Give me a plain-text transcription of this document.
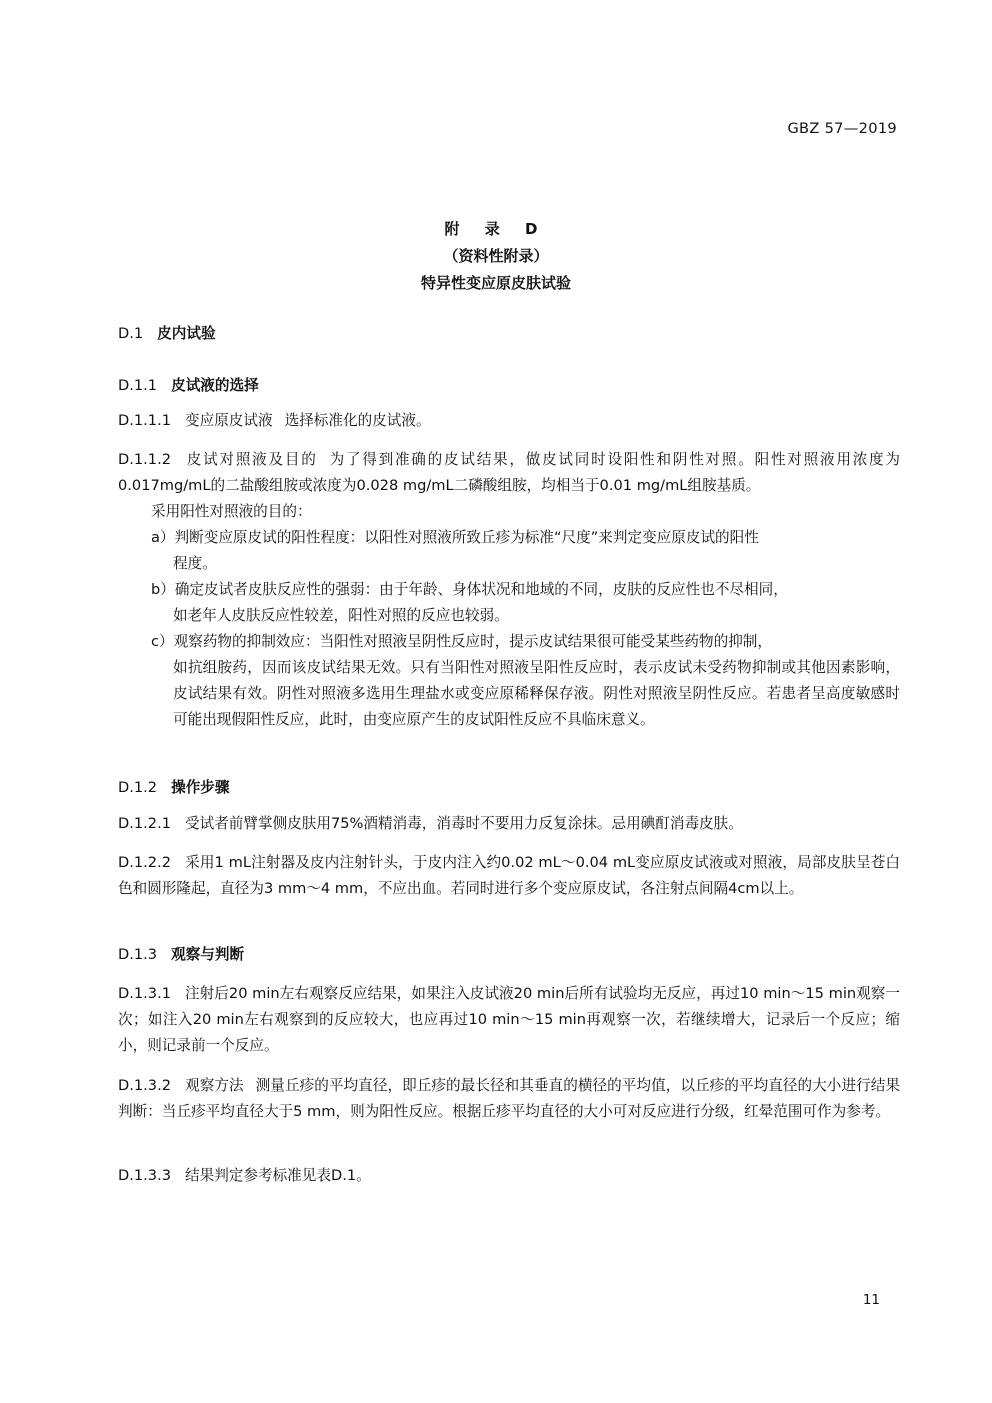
GBZ 57—2019
附 录 D
（资料性附录）
特异性变应原皮肤试验
D.1 皮内试验
D.1.1 皮试液的选择
D.1.1.1 变应原皮试液 选择标准化的皮试液。
D.1.1.2 皮试对照液及目的 为了得到准确的皮试结果，做皮试同时设阳性和阴性对照。阳性对照液用浓度为0.017mg/mL的二盐酸组胺或浓度为0.028 mg/mL二磷酸组胺，均相当于0.01 mg/mL组胺基质。
采用阳性对照液的目的：
a）判断变应原皮试的阳性程度：以阳性对照液所致丘疹为标准“尺度”来判定变应原皮试的阳性
程度。
b）确定皮试者皮肤反应性的强弱：由于年龄、身体状况和地域的不同，皮肤的反应性也不尽相同，
如老年人皮肤反应性较差，阳性对照的反应也较弱。
c）观察药物的抑制效应：当阳性对照液呈阴性反应时，提示皮试结果很可能受某些药物的抑制，
如抗组胺药，因而该皮试结果无效。只有当阳性对照液呈阳性反应时，表示皮试未受药物抑制或其他因素影响，皮试结果有效。阴性对照液多选用生理盐水或变应原稀释保存液。阴性对照液呈阴性反应。若患者呈高度敏感时可能出现假阳性反应，此时，由变应原产生的皮试阳性反应不具临床意义。
D.1.2 操作步骤
D.1.2.1 受试者前臂掌侧皮肤用75%酒精消毒，消毒时不要用力反复涂抹。忌用碘酊消毒皮肤。
D.1.2.2 采用1 mL注射器及皮内注射针头，于皮内注入约0.02 mL～0.04 mL变应原皮试液或对照液，局部皮肤呈苍白色和圆形隆起，直径为3 mm～4 mm，不应出血。若同时进行多个变应原皮试，各注射点间隔4cm以上。
D.1.3 观察与判断
D.1.3.1 注射后20 min左右观察反应结果，如果注入皮试液20 min后所有试验均无反应，再过10 min～15 min观察一次；如注入20 min左右观察到的反应较大，也应再过10 min～15 min再观察一次，若继续增大，记录后一个反应；缩小，则记录前一个反应。
D.1.3.2 观察方法 测量丘疹的平均直径，即丘疹的最长径和其垂直的横径的平均值，以丘疹的平均直径的大小进行结果判断：当丘疹平均直径大于5 mm，则为阳性反应。根据丘疹平均直径的大小可对反应进行分级，红晕范围可作为参考。
D.1.3.3 结果判定参考标准见表D.1。
11
